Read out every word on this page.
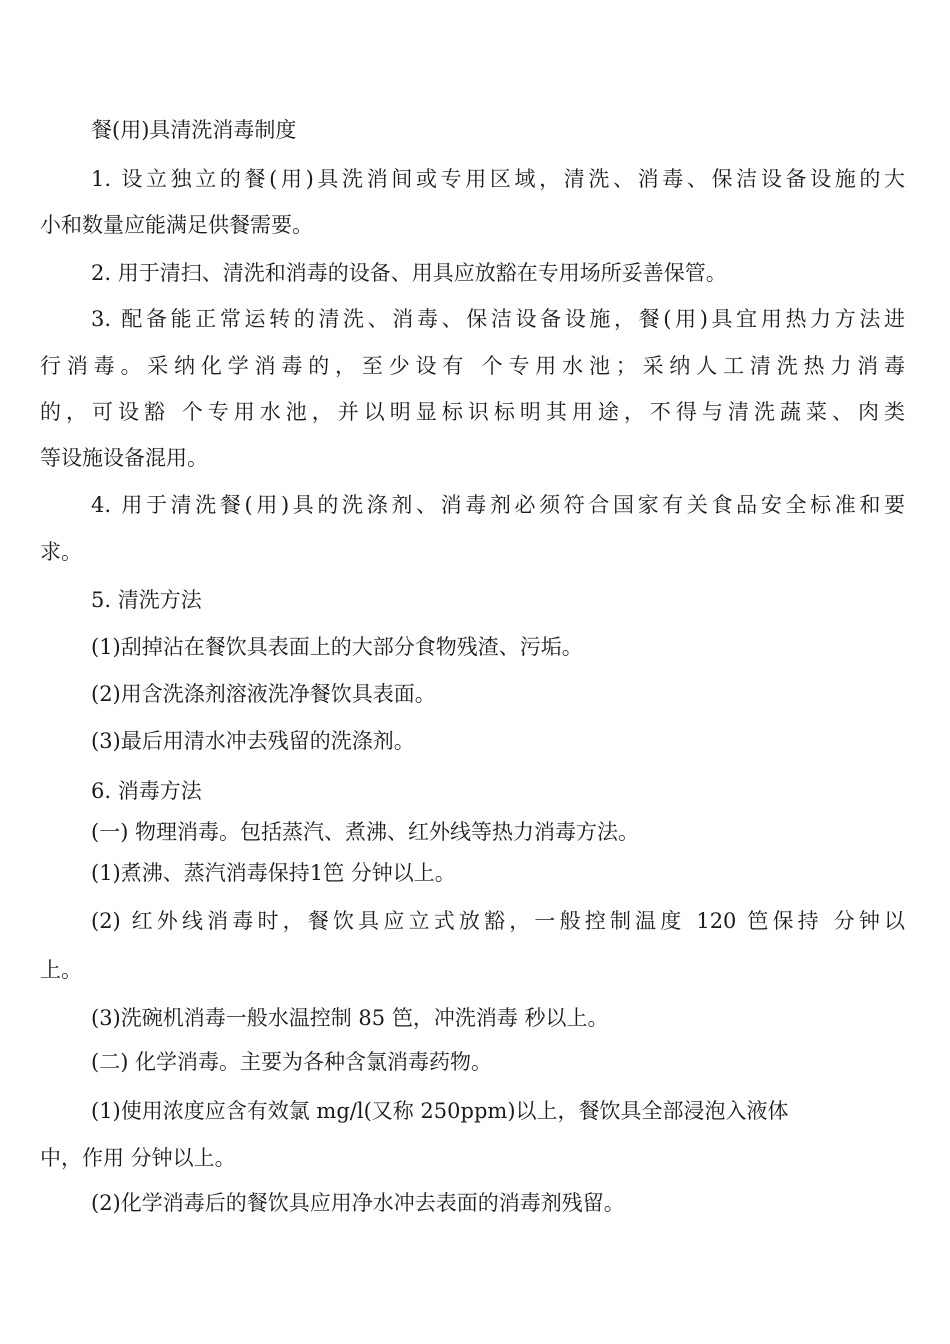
餐(用)具清洗消毒制度

1. 设立独立的餐(用)具洗消间或专用区域，清洗、消毒、保洁设备设施的大

小和数量应能满足供餐需要。

2. 用于清扫、清洗和消毒的设备、用具应放豁在专用场所妥善保管。

3. 配备能正常运转的清洗、消毒、保洁设备设施，餐(用)具宜用热力方法进

行消毒。采纳化学消毒的，至少设有 个专用水池；采纳人工清洗热力消毒

的，可设豁 个专用水池，并以明显标识标明其用途，不得与清洗蔬菜、肉类

等设施设备混用。

4. 用于清洗餐(用)具的洗涤剂、消毒剂必须符合国家有关食品安全标准和要

求。

5. 清洗方法

(1)刮掉沾在餐饮具表面上的大部分食物残渣、污垢。

(2)用含洗涤剂溶液洗净餐饮具表面。

(3)最后用清水冲去残留的洗涤剂。

6. 消毒方法

(一) 物理消毒。包括蒸汽、煮沸、红外线等热力消毒方法。

(1)煮沸、蒸汽消毒保持1笆 分钟以上。

(2) 红外线消毒时，餐饮具应立式放豁，一般控制温度 120 笆保持 分钟以

上。

(3)洗碗机消毒一般水温控制 85 笆，冲洗消毒 秒以上。

(二) 化学消毒。主要为各种含氯消毒药物。

(1)使用浓度应含有效氯 mg/l(又称 250ppm)以上，餐饮具全部浸泡入液体

中，作用 分钟以上。

(2)化学消毒后的餐饮具应用净水冲去表面的消毒剂残留。
